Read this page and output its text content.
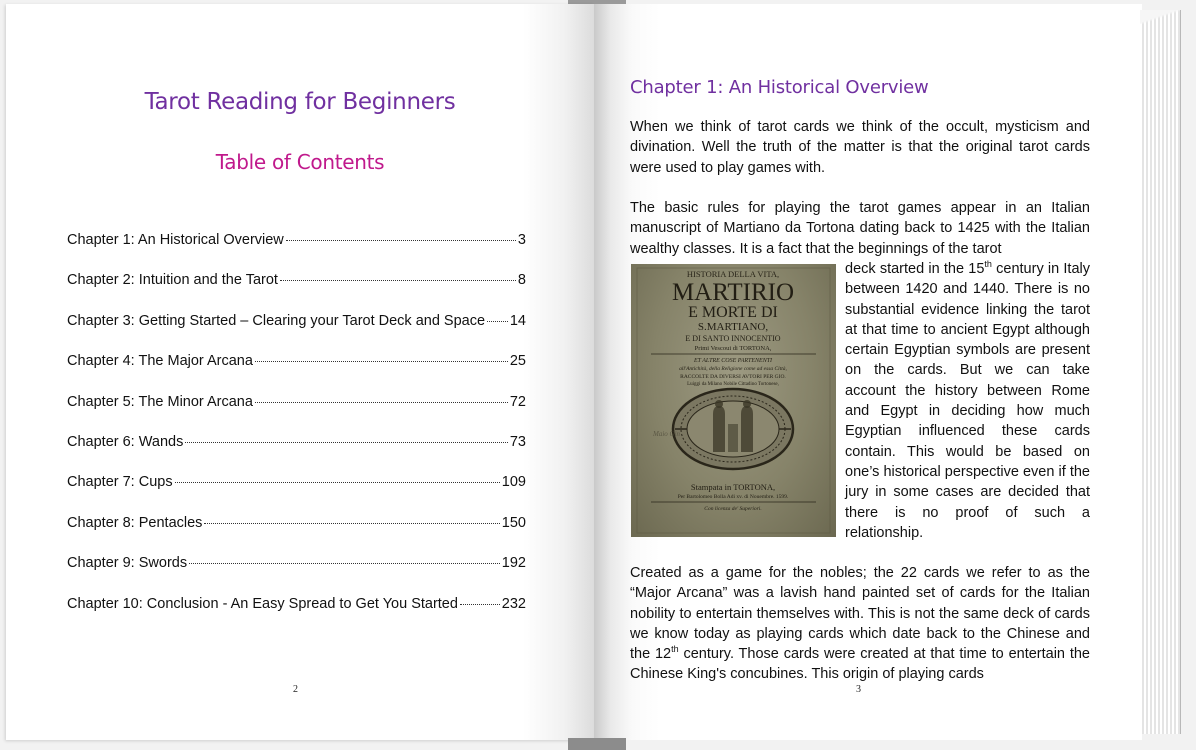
Tarot Reading for Beginners
Table of Contents
Chapter 1: An Historical Overview	3
Chapter 2: Intuition and the Tarot	8
Chapter 3: Getting Started – Clearing your Tarot Deck and Space 14
Chapter 4: The Major Arcana	25
Chapter 5: The Minor Arcana	72
Chapter 6: Wands	73
Chapter 7: Cups	109
Chapter 8: Pentacles	150
Chapter 9: Swords	192
Chapter 10: Conclusion - An Easy Spread to Get You Started	232
2
Chapter 1: An Historical Overview

When we think of tarot cards we think of the occult, mysticism and divination. Well the truth of the matter is that the original tarot cards were used to play games with.

The basic rules for playing the tarot games appear in an Italian manuscript of Martiano da Tortona dating back to 1425 with the Italian wealthy classes. It is a fact that the beginnings of the tarot

HISTORIA DELLA VITA,
MARTIRIO
E MORTE DI
S.MARTIANO,
E DI SANTO INNOCENTIO
Primi Vescoui di TORTONA,
ET ALTRE COSE PARTENENTI
all'Antichità, della Religione come ad essa Città,
RACCOLTE DA DIVERSI AVTORI PER GIO.
Luiggi da Milano Nobile Cittadino Tortonese,
Maio Gin
Stampata in TORTONA,
Per Bartolomeo Bolla Adi xv. di Nouembre. 1599.
Con licenza de' Superiori.

deck started in the 15th century in Italy between 1420 and 1440. There is no substantial evidence linking the tarot at that time to ancient Egypt although certain Egyptian symbols are present on the cards. But we can take account the history between Rome and Egypt in deciding how much Egyptian influenced these cards contain. This would be based on one’s historical perspective even if the jury in some cases are decided that there is no proof of such a relationship.

Created as a game for the nobles; the 22 cards we refer to as the “Major Arcana” was a lavish hand painted set of cards for the Italian nobility to entertain themselves with. This is not the same deck of cards we know today as playing cards which date back to the Chinese and the 12th century. Those cards were created at that time to entertain the Chinese King's concubines. This origin of playing cards

3
